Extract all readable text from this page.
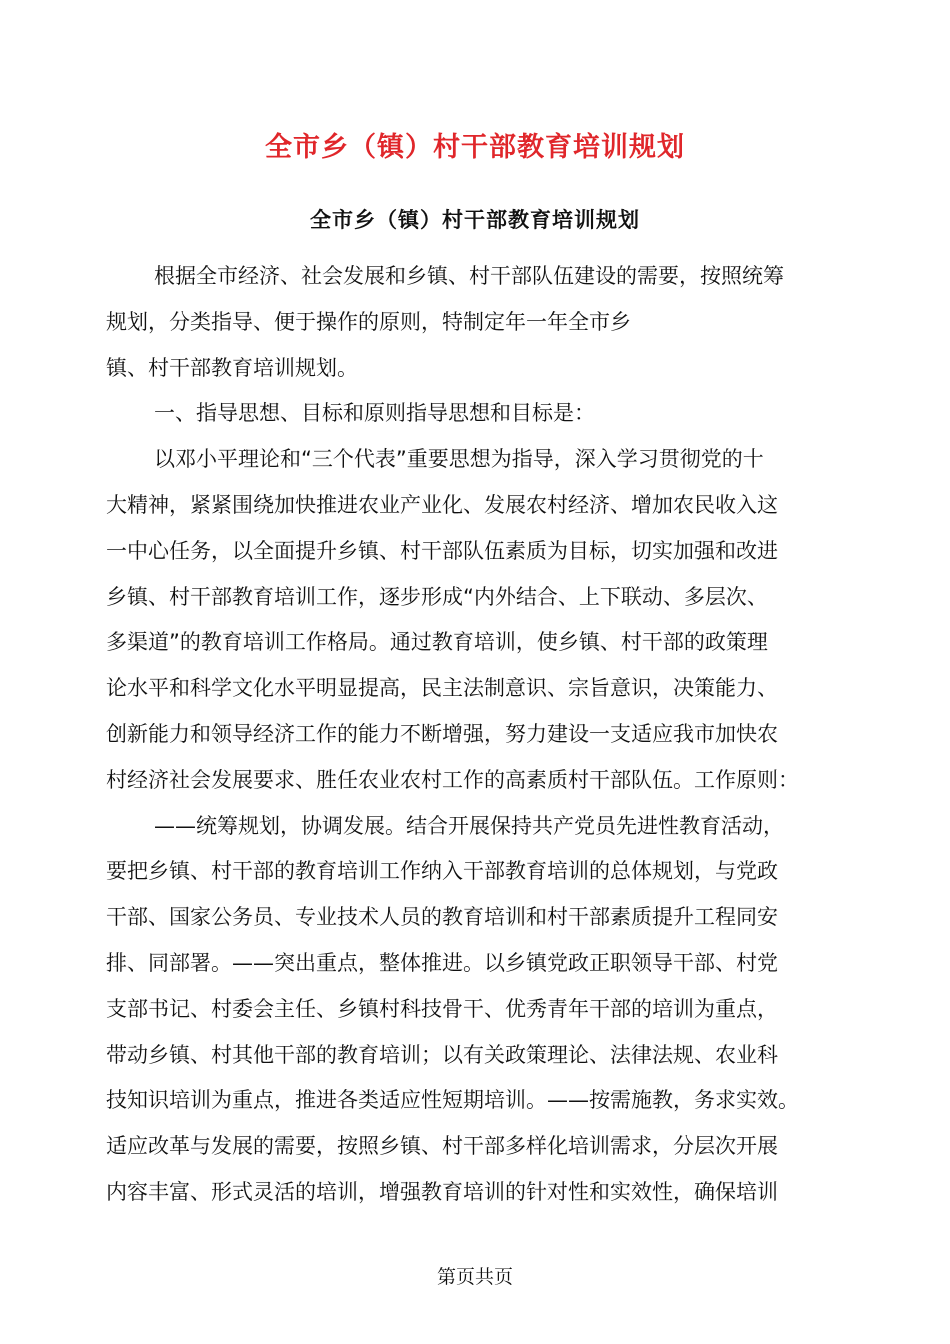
全市乡（镇）村干部教育培训规划
全市乡（镇）村干部教育培训规划

根据全市经济、社会发展和乡镇、村干部队伍建设的需要，按照统筹
规划，分类指导、便于操作的原则，特制定年一年全市乡
镇、村干部教育培训规划。

一、指导思想、目标和原则指导思想和目标是：

以邓小平理论和“三个代表”重要思想为指导，深入学习贯彻党的十
大精神，紧紧围绕加快推进农业产业化、发展农村经济、增加农民收入这
一中心任务，以全面提升乡镇、村干部队伍素质为目标，切实加强和改进
乡镇、村干部教育培训工作，逐步形成“内外结合、上下联动、多层次、
多渠道”的教育培训工作格局。通过教育培训，使乡镇、村干部的政策理
论水平和科学文化水平明显提高，民主法制意识、宗旨意识，决策能力、
创新能力和领导经济工作的能力不断增强，努力建设一支适应我市加快农
村经济社会发展要求、胜任农业农村工作的高素质村干部队伍。工作原则：

——统筹规划，协调发展。结合开展保持共产党员先进性教育活动，
要把乡镇、村干部的教育培训工作纳入干部教育培训的总体规划，与党政
干部、国家公务员、专业技术人员的教育培训和村干部素质提升工程同安
排、同部署。——突出重点，整体推进。以乡镇党政正职领导干部、村党
支部书记、村委会主任、乡镇村科技骨干、优秀青年干部的培训为重点，
带动乡镇、村其他干部的教育培训；以有关政策理论、法律法规、农业科
技知识培训为重点，推进各类适应性短期培训。——按需施教，务求实效。
适应改革与发展的需要，按照乡镇、村干部多样化培训需求，分层次开展
内容丰富、形式灵活的培训，增强教育培训的针对性和实效性，确保培训

第页共页
